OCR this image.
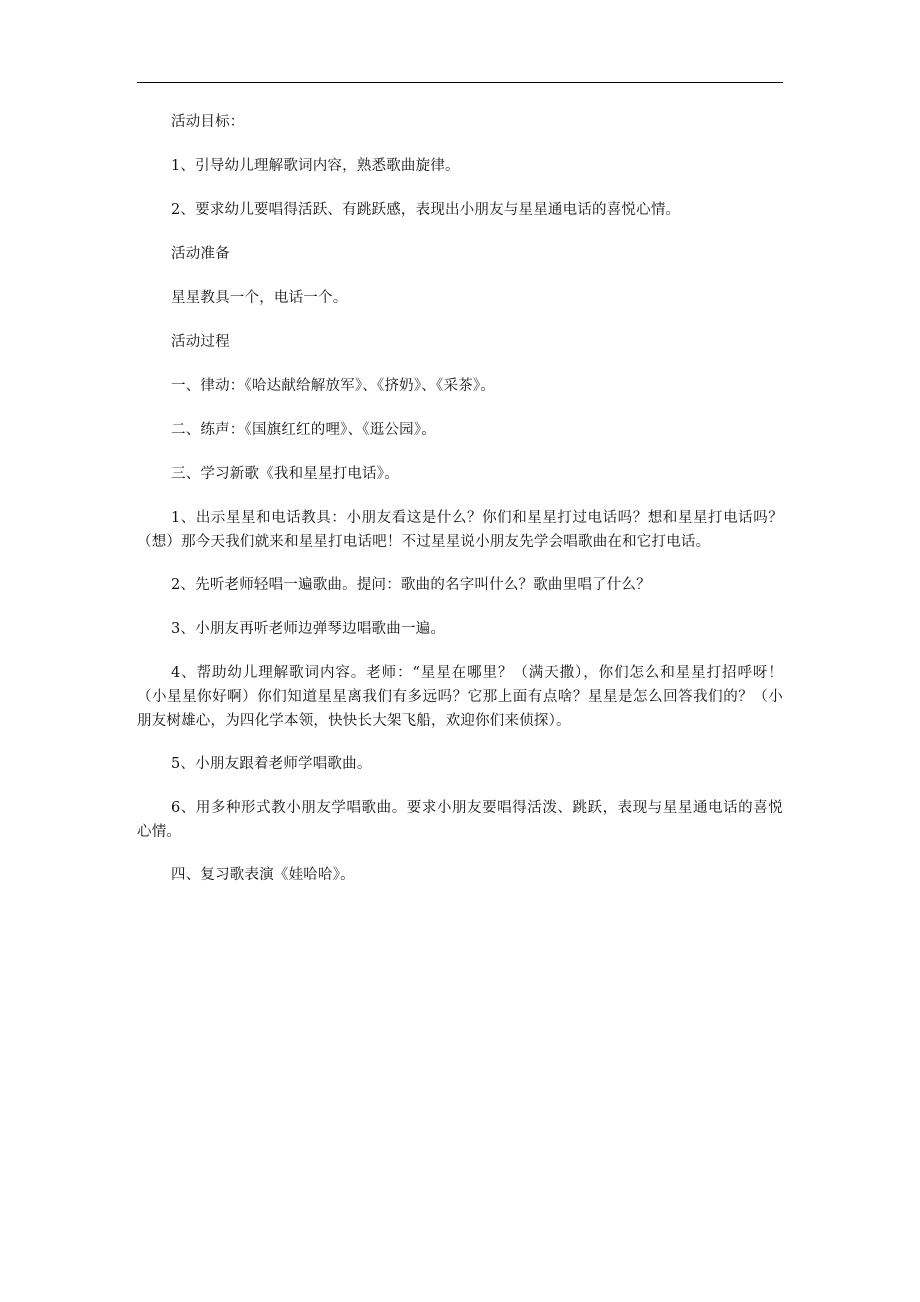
活动目标：

1、引导幼儿理解歌词内容，熟悉歌曲旋律。

2、要求幼儿要唱得活跃、有跳跃感，表现出小朋友与星星通电话的喜悦心情。

活动准备

星星教具一个，电话一个。

活动过程

一、律动：《哈达献给解放军》、《挤奶》、《采茶》。

二、练声：《国旗红红的哩》、《逛公园》。

三、学习新歌《我和星星打电话》。

1、出示星星和电话教具：小朋友看这是什么？你们和星星打过电话吗？想和星星打电话吗？（想）那今天我们就来和星星打电话吧！不过星星说小朋友先学会唱歌曲在和它打电话。

2、先听老师轻唱一遍歌曲。提问：歌曲的名字叫什么？歌曲里唱了什么？

3、小朋友再听老师边弹琴边唱歌曲一遍。

4、帮助幼儿理解歌词内容。老师：“星星在哪里？（满天撒），你们怎么和星星打招呼呀！（小星星你好啊）你们知道星星离我们有多远吗？它那上面有点啥？星星是怎么回答我们的？（小朋友树雄心，为四化学本领，快快长大架飞船，欢迎你们来侦探）。

5、小朋友跟着老师学唱歌曲。

6、用多种形式教小朋友学唱歌曲。要求小朋友要唱得活泼、跳跃，表现与星星通电话的喜悦心情。

四、复习歌表演《娃哈哈》。
